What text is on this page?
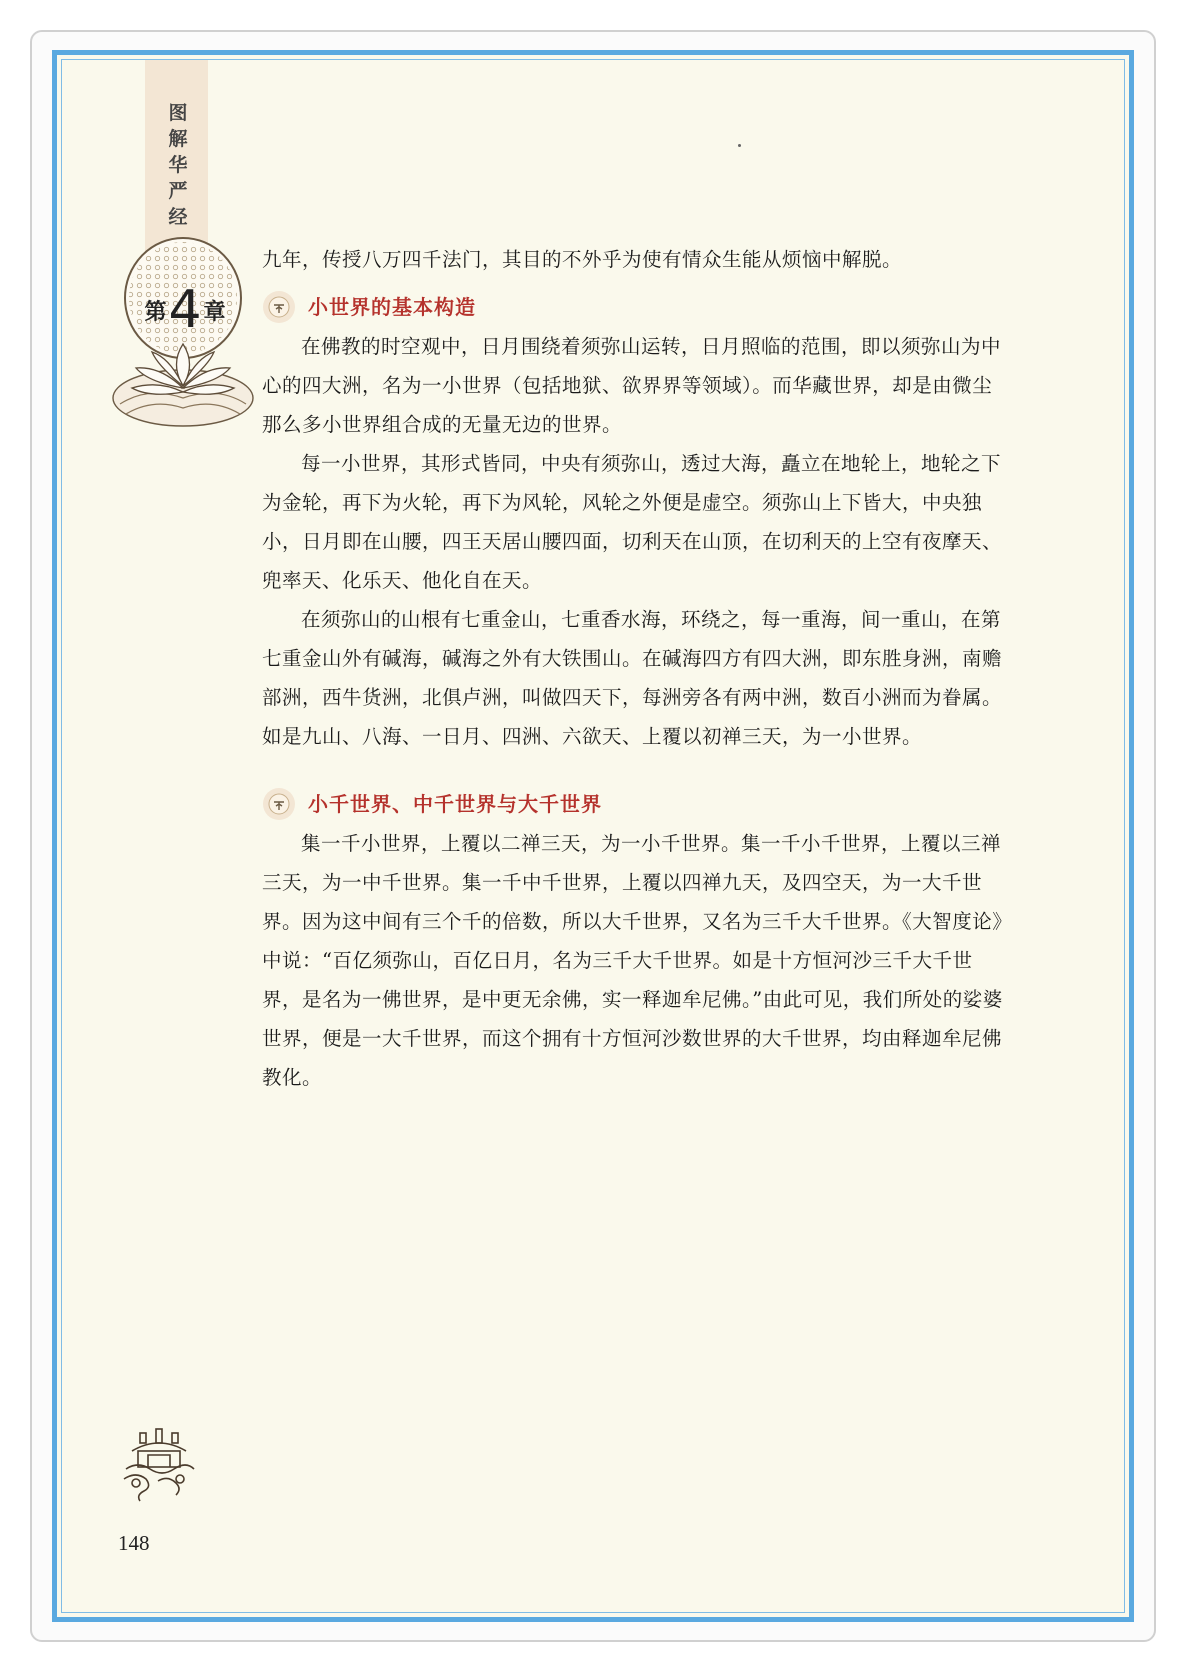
图
解
华
严
经
第 4 章

九年，传授八万四千法门，其目的不外乎为使有情众生能从烦恼中解脱。

小世界的基本构造

在佛教的时空观中，日月围绕着须弥山运转，日月照临的范围，即以须弥山为中心的四大洲，名为一小世界（包括地狱、欲界界等领域）。而华藏世界，却是由微尘那么多小世界组合成的无量无边的世界。

每一小世界，其形式皆同，中央有须弥山，透过大海，矗立在地轮上，地轮之下为金轮，再下为火轮，再下为风轮，风轮之外便是虚空。须弥山上下皆大，中央独小，日月即在山腰，四王天居山腰四面，切利天在山顶，在切利天的上空有夜摩天、兜率天、化乐天、他化自在天。

在须弥山的山根有七重金山，七重香水海，环绕之，每一重海，间一重山，在第七重金山外有碱海，碱海之外有大铁围山。在碱海四方有四大洲，即东胜身洲，南赡部洲，西牛货洲，北俱卢洲，叫做四天下，每洲旁各有两中洲，数百小洲而为眷属。如是九山、八海、一日月、四洲、六欲天、上覆以初禅三天，为一小世界。

小千世界、中千世界与大千世界

集一千小世界，上覆以二禅三天，为一小千世界。集一千小千世界，上覆以三禅三天，为一中千世界。集一千中千世界，上覆以四禅九天，及四空天，为一大千世界。因为这中间有三个千的倍数，所以大千世界，又名为三千大千世界。《大智度论》中说：“百亿须弥山，百亿日月，名为三千大千世界。如是十方恒河沙三千大千世界，是名为一佛世界，是中更无余佛，实一释迦牟尼佛。”由此可见，我们所处的娑婆世界，便是一大千世界，而这个拥有十方恒河沙数世界的大千世界，均由释迦牟尼佛教化。

148
